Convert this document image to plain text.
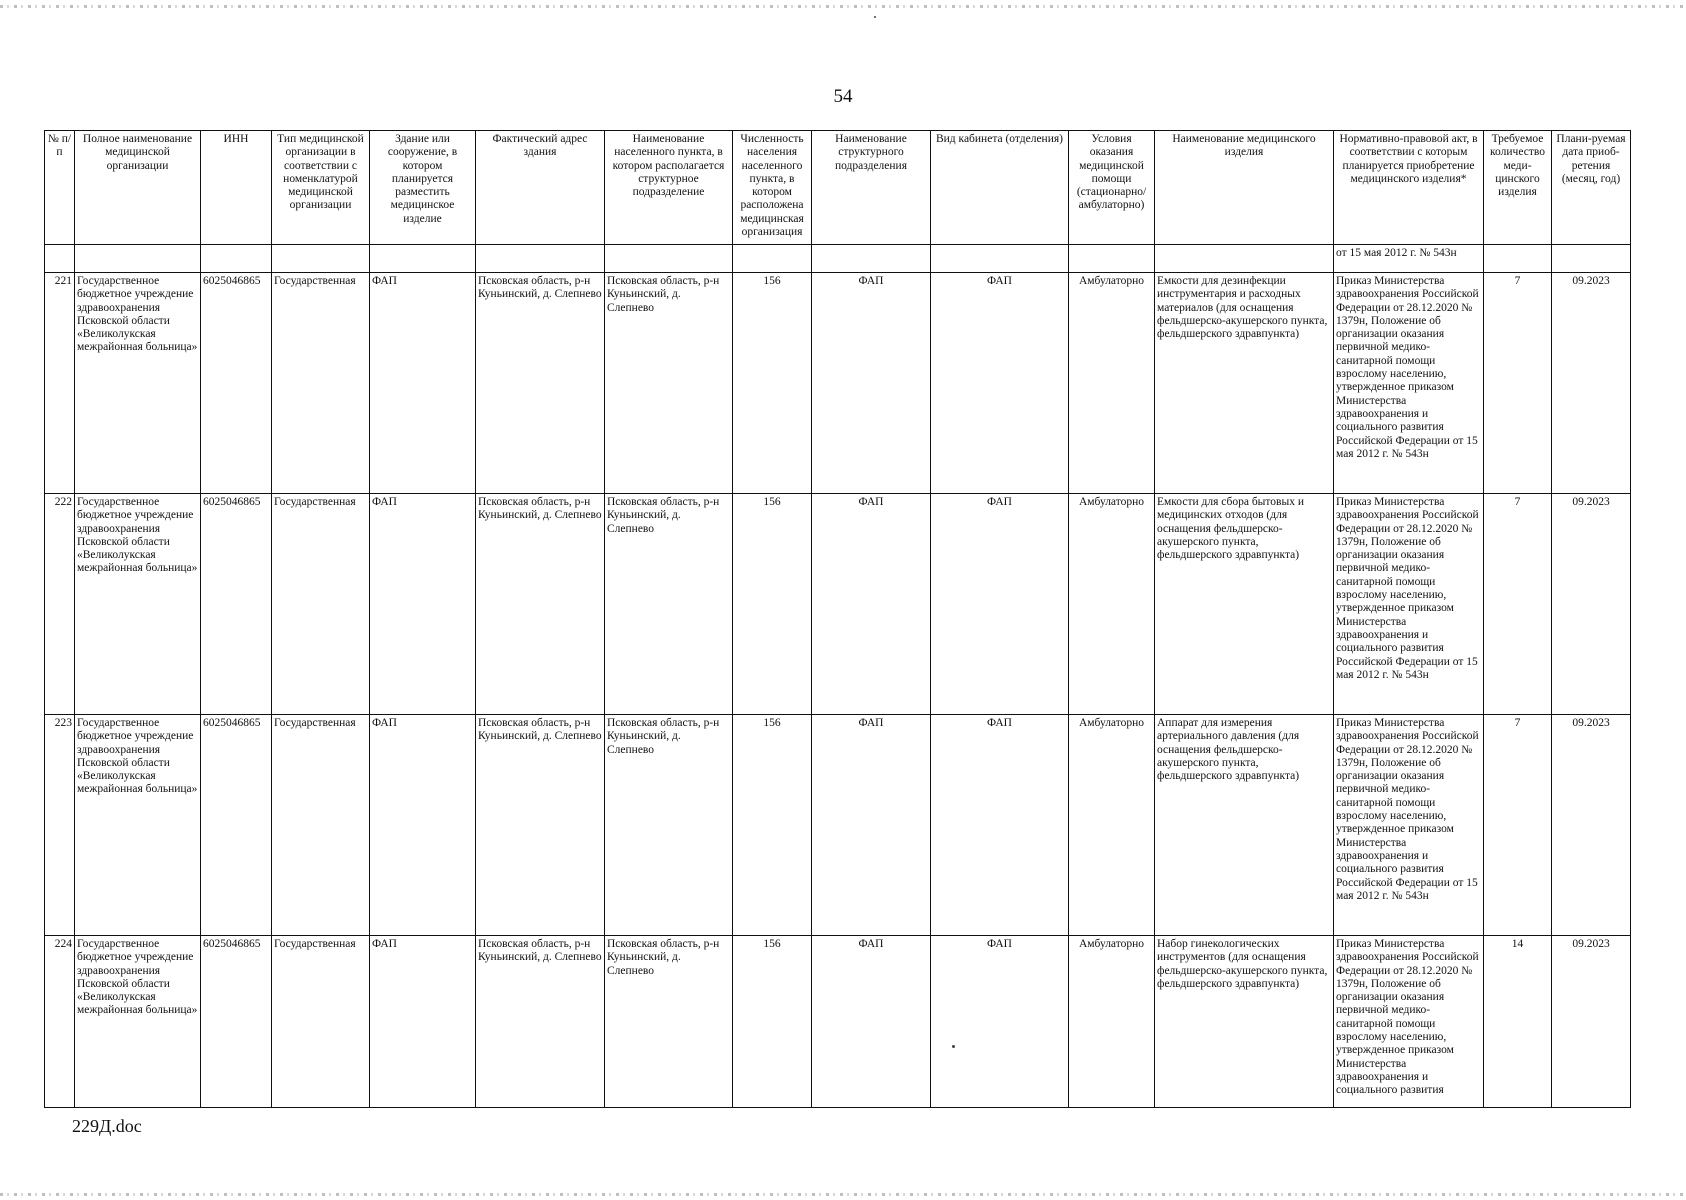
54
№ п/п	Полное наименование медицинской организации	ИНН	Тип медицинской организации в соответствии с номенклатурой медицинской организации	Здание или сооружение, в котором планируется разместить медицинское изделие	Фактический адрес здания	Наименование населенного пункта, в котором располагается структурное подразделение	Численность населения населенного пункта, в котором расположена медицинская организация	Наименование структурного подразделения	Вид кабинета (отделения)	Условия оказания медицинской помощи (стационарно/ амбулаторно)	Наименование медицинского изделия	Нормативно-правовой акт, в соответствии с которым планируется приобретение медицинского изделия*	Требуемое количество меди-цинского изделия	Плани-руемая дата приоб-ретения (месяц, год)
												от 15 мая 2012 г. № 543н		
221	Государственное бюджетное учреждение здравоохранения Псковской области «Великолукская межрайонная больница»	6025046865	Государственная	ФАП	Псковская область, р-н Куньинский, д. Слепнево	Псковская область, р-н Куньинский, д. Слепнево	156	ФАП	ФАП	Амбулаторно	Емкости для дезинфекции инструментария и расходных материалов (для оснащения фельдшерско-акушерского пункта, фельдшерского здравпункта)	Приказ Министерства здравоохранения Российской Федерации от 28.12.2020 № 1379н, Положение об организации оказания первичной медико-санитарной помощи взрослому населению, утвержденное приказом Министерства здравоохранения и социального развития Российской Федерации от 15 мая 2012 г. № 543н	7	09.2023
222	Государственное бюджетное учреждение здравоохранения Псковской области «Великолукская межрайонная больница»	6025046865	Государственная	ФАП	Псковская область, р-н Куньинский, д. Слепнево	Псковская область, р-н Куньинский, д. Слепнево	156	ФАП	ФАП	Амбулаторно	Емкости для сбора бытовых и медицинских отходов (для оснащения фельдшерско-акушерского пункта, фельдшерского здравпункта)	Приказ Министерства здравоохранения Российской Федерации от 28.12.2020 № 1379н, Положение об организации оказания первичной медико-санитарной помощи взрослому населению, утвержденное приказом Министерства здравоохранения и социального развития Российской Федерации от 15 мая 2012 г. № 543н	7	09.2023
223	Государственное бюджетное учреждение здравоохранения Псковской области «Великолукская межрайонная больница»	6025046865	Государственная	ФАП	Псковская область, р-н Куньинский, д. Слепнево	Псковская область, р-н Куньинский, д. Слепнево	156	ФАП	ФАП	Амбулаторно	Аппарат для измерения артериального давления (для оснащения фельдшерско-акушерского пункта, фельдшерского здравпункта)	Приказ Министерства здравоохранения Российской Федерации от 28.12.2020 № 1379н, Положение об организации оказания первичной медико-санитарной помощи взрослому населению, утвержденное приказом Министерства здравоохранения и социального развития Российской Федерации от 15 мая 2012 г. № 543н	7	09.2023
224	Государственное бюджетное учреждение здравоохранения Псковской области «Великолукская межрайонная больница»	6025046865	Государственная	ФАП	Псковская область, р-н Куньинский, д. Слепнево	Псковская область, р-н Куньинский, д. Слепнево	156	ФАП	ФАП	Амбулаторно	Набор гинекологических инструментов (для оснащения фельдшерско-акушерского пункта, фельдшерского здравпункта)	Приказ Министерства здравоохранения Российской Федерации от 28.12.2020 № 1379н, Положение об организации оказания первичной медико-санитарной помощи взрослому населению, утвержденное приказом Министерства здравоохранения и социального развития	14	09.2023
229Д.doc
